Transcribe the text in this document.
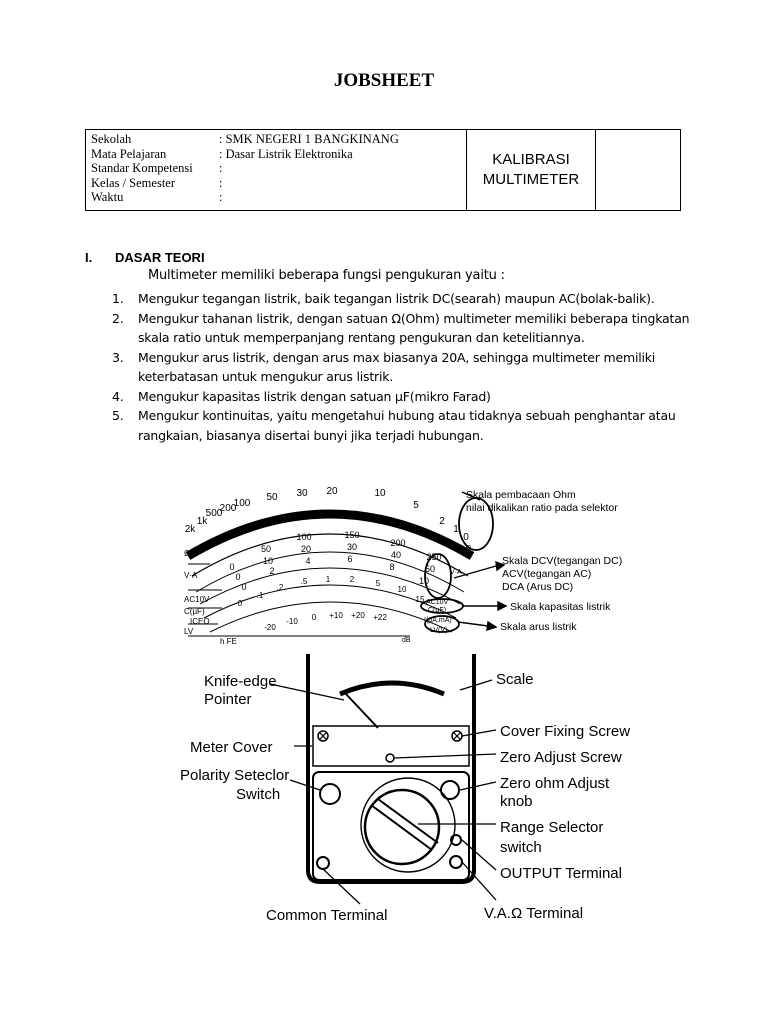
JOBSHEET
Sekolah	: SMK NEGERI 1 BANGKINANG
Mata Pelajaran	: Dasar Listrik Elektronika
Standar Kompetensi	:
Kelas / Semester	:
Waktu	:
KALIBRASI
MULTIMETER
I. DASAR TEORI
Multimeter memiliki beberapa fungsi pengukuran yaitu :
1. Mengukur tegangan listrik, baik tegangan listrik DC(searah) maupun AC(bolak-balik).
2. Mengukur tahanan listrik, dengan satuan Ω(Ohm) multimeter memiliki beberapa tingkatan skala ratio untuk memperpanjang rentang pengukuran dan ketelitiannya.
3. Mengukur arus listrik, dengan arus max biasanya 20A, sehingga multimeter memiliki keterbatasan untuk mengukur arus listrik.
4. Mengukur kapasitas listrik dengan satuan μF(mikro Farad)
5. Mengukur kontinuitas, yaitu mengetahui hubung atau tidaknya sebuah penghantar atau rangkaian, biasanya disertai bunyi jika terjadi hubungan.
2k
1k
500
200
100
50 30 20	10
5
2
1
0
0
50
100	150
200
250
0
10
20	30
40
50
0
2
4	6
8
10
0
.1
.2
.5 1 2	5
10
15
-20
-10 0 +10 +20 +22
Ω
V·A
AC10V
C(μF)
ICEO
LV
h FE
Ω
V·A
AC10V
C(μF)
I(μA,mA)
LV(V)
dB
Skala pembacaan Ohm
nilai dikalikan ratio pada selektor
Skala DCV(tegangan DC)
ACV(tegangan AC)
DCA (Arus DC)
Skala kapasitas listrik
Skala arus listrik
Knife-edge
Pointer
Meter Cover
Polarity Seteclor
Switch
Common Terminal
Scale
Cover Fixing Screw
Zero Adjust Screw
Zero ohm Adjust
knob
Range Selector
switch
OUTPUT Terminal
V.A.Ω Terminal
